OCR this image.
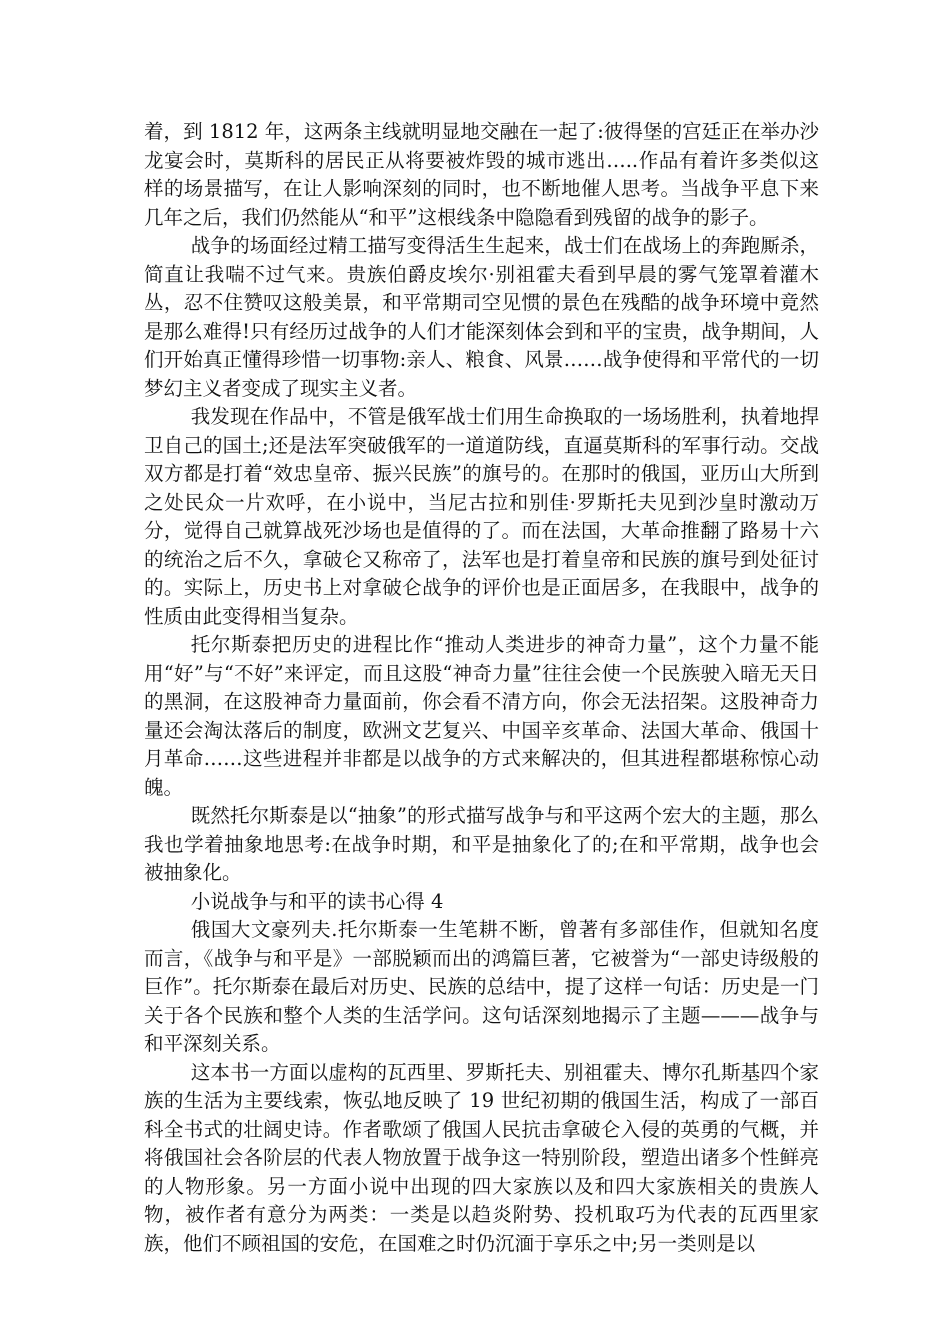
着，到 1812 年，这两条主线就明显地交融在一起了:彼得堡的宫廷正在举办沙龙宴会时，莫斯科的居民正从将要被炸毁的城市逃出…..作品有着许多类似这样的场景描写，在让人影响深刻的同时，也不断地催人思考。当战争平息下来几年之后，我们仍然能从“和平”这根线条中隐隐看到残留的战争的影子。

战争的场面经过精工描写变得活生生起来，战士们在战场上的奔跑厮杀，简直让我喘不过气来。贵族伯爵皮埃尔·别祖霍夫看到早晨的雾气笼罩着灌木丛，忍不住赞叹这般美景，和平常期司空见惯的景色在残酷的战争环境中竟然是那么难得!只有经历过战争的人们才能深刻体会到和平的宝贵，战争期间，人们开始真正懂得珍惜一切事物:亲人、粮食、风景……战争使得和平常代的一切梦幻主义者变成了现实主义者。

我发现在作品中，不管是俄军战士们用生命换取的一场场胜利，执着地捍卫自己的国土;还是法军突破俄军的一道道防线，直逼莫斯科的军事行动。交战双方都是打着“效忠皇帝、振兴民族”的旗号的。在那时的俄国，亚历山大所到之处民众一片欢呼，在小说中，当尼古拉和别佳·罗斯托夫见到沙皇时激动万分，觉得自己就算战死沙场也是值得的了。而在法国，大革命推翻了路易十六的统治之后不久，拿破仑又称帝了，法军也是打着皇帝和民族的旗号到处征讨的。实际上，历史书上对拿破仑战争的评价也是正面居多，在我眼中，战争的性质由此变得相当复杂。

托尔斯泰把历史的进程比作“推动人类进步的神奇力量”，这个力量不能用“好”与“不好”来评定，而且这股“神奇力量”往往会使一个民族驶入暗无天日的黑洞，在这股神奇力量面前，你会看不清方向，你会无法招架。这股神奇力量还会淘汰落后的制度，欧洲文艺复兴、中国辛亥革命、法国大革命、俄国十月革命……这些进程并非都是以战争的方式来解决的，但其进程都堪称惊心动魄。

既然托尔斯泰是以“抽象”的形式描写战争与和平这两个宏大的主题，那么我也学着抽象地思考:在战争时期，和平是抽象化了的;在和平常期，战争也会被抽象化。

小说战争与和平的读书心得 4

俄国大文豪列夫.托尔斯泰一生笔耕不断，曾著有多部佳作，但就知名度而言，《战争与和平是》一部脱颖而出的鸿篇巨著，它被誉为“一部史诗级般的巨作”。托尔斯泰在最后对历史、民族的总结中，提了这样一句话：历史是一门关于各个民族和整个人类的生活学问。这句话深刻地揭示了主题———战争与和平深刻关系。

这本书一方面以虚构的瓦西里、罗斯托夫、别祖霍夫、博尔孔斯基四个家族的生活为主要线索，恢弘地反映了 19 世纪初期的俄国生活，构成了一部百科全书式的壮阔史诗。作者歌颂了俄国人民抗击拿破仑入侵的英勇的气概，并将俄国社会各阶层的代表人物放置于战争这一特别阶段，塑造出诸多个性鲜亮的人物形象。另一方面小说中出现的四大家族以及和四大家族相关的贵族人物，被作者有意分为两类：一类是以趋炎附势、投机取巧为代表的瓦西里家族，他们不顾祖国的安危，在国难之时仍沉湎于享乐之中;另一类则是以
